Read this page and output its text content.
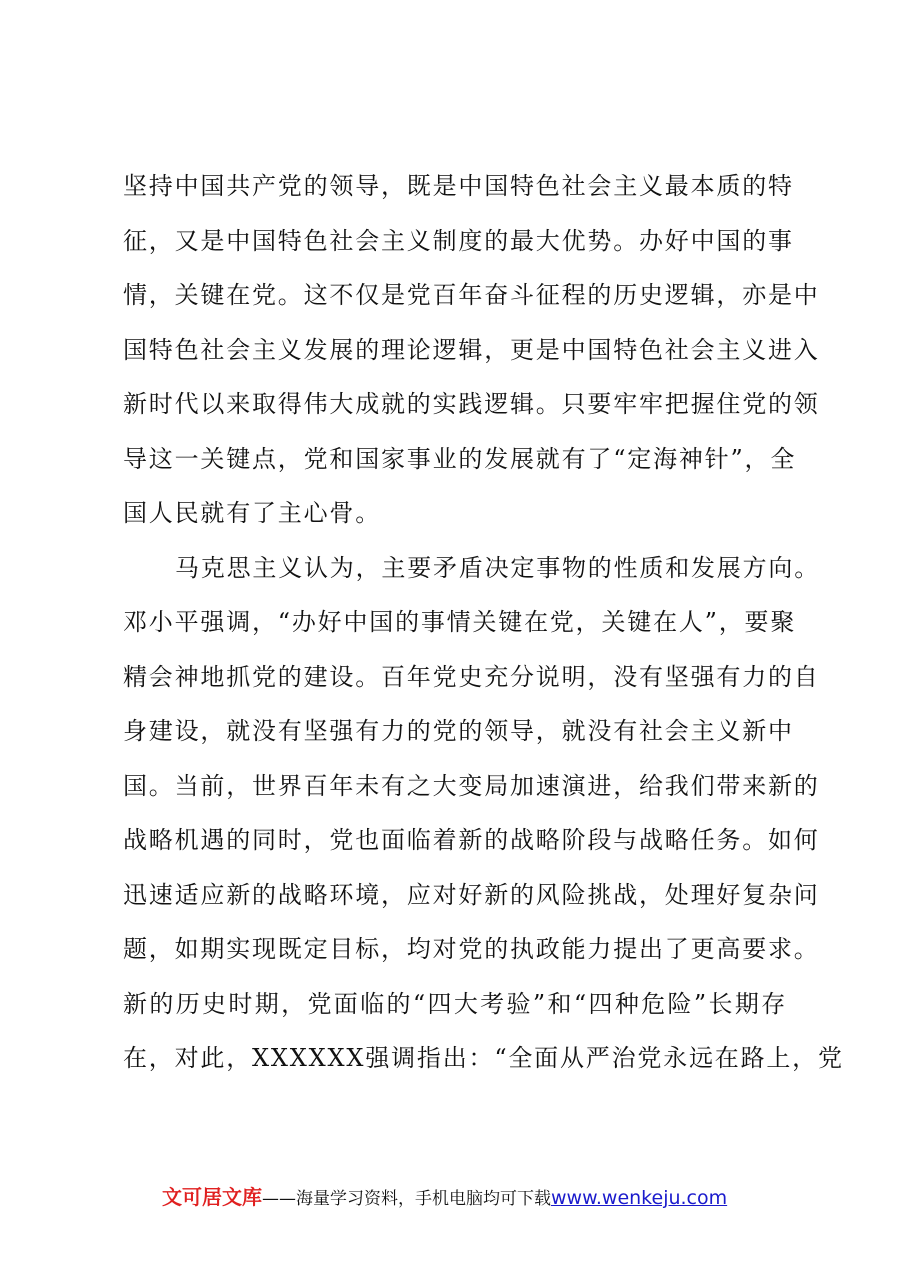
坚持中国共产党的领导，既是中国特色社会主义最本质的特
征，又是中国特色社会主义制度的最大优势。办好中国的事
情，关键在党。这不仅是党百年奋斗征程的历史逻辑，亦是中
国特色社会主义发展的理论逻辑，更是中国特色社会主义进入
新时代以来取得伟大成就的实践逻辑。只要牢牢把握住党的领
导这一关键点，党和国家事业的发展就有了“定海神针”，全
国人民就有了主心骨。
马克思主义认为，主要矛盾决定事物的性质和发展方向。
邓小平强调，“办好中国的事情关键在党，关键在人”，要聚
精会神地抓党的建设。百年党史充分说明，没有坚强有力的自
身建设，就没有坚强有力的党的领导，就没有社会主义新中
国。当前，世界百年未有之大变局加速演进，给我们带来新的
战略机遇的同时，党也面临着新的战略阶段与战略任务。如何
迅速适应新的战略环境，应对好新的风险挑战，处理好复杂问
题，如期实现既定目标，均对党的执政能力提出了更高要求。
新的历史时期，党面临的“四大考验”和“四种危险”长期存
在，对此，XXXXXX强调指出：“全面从严治党永远在路上，党
文可居文库 ——海量学习资料，手机电脑均可下载 www.wenkeju.com
